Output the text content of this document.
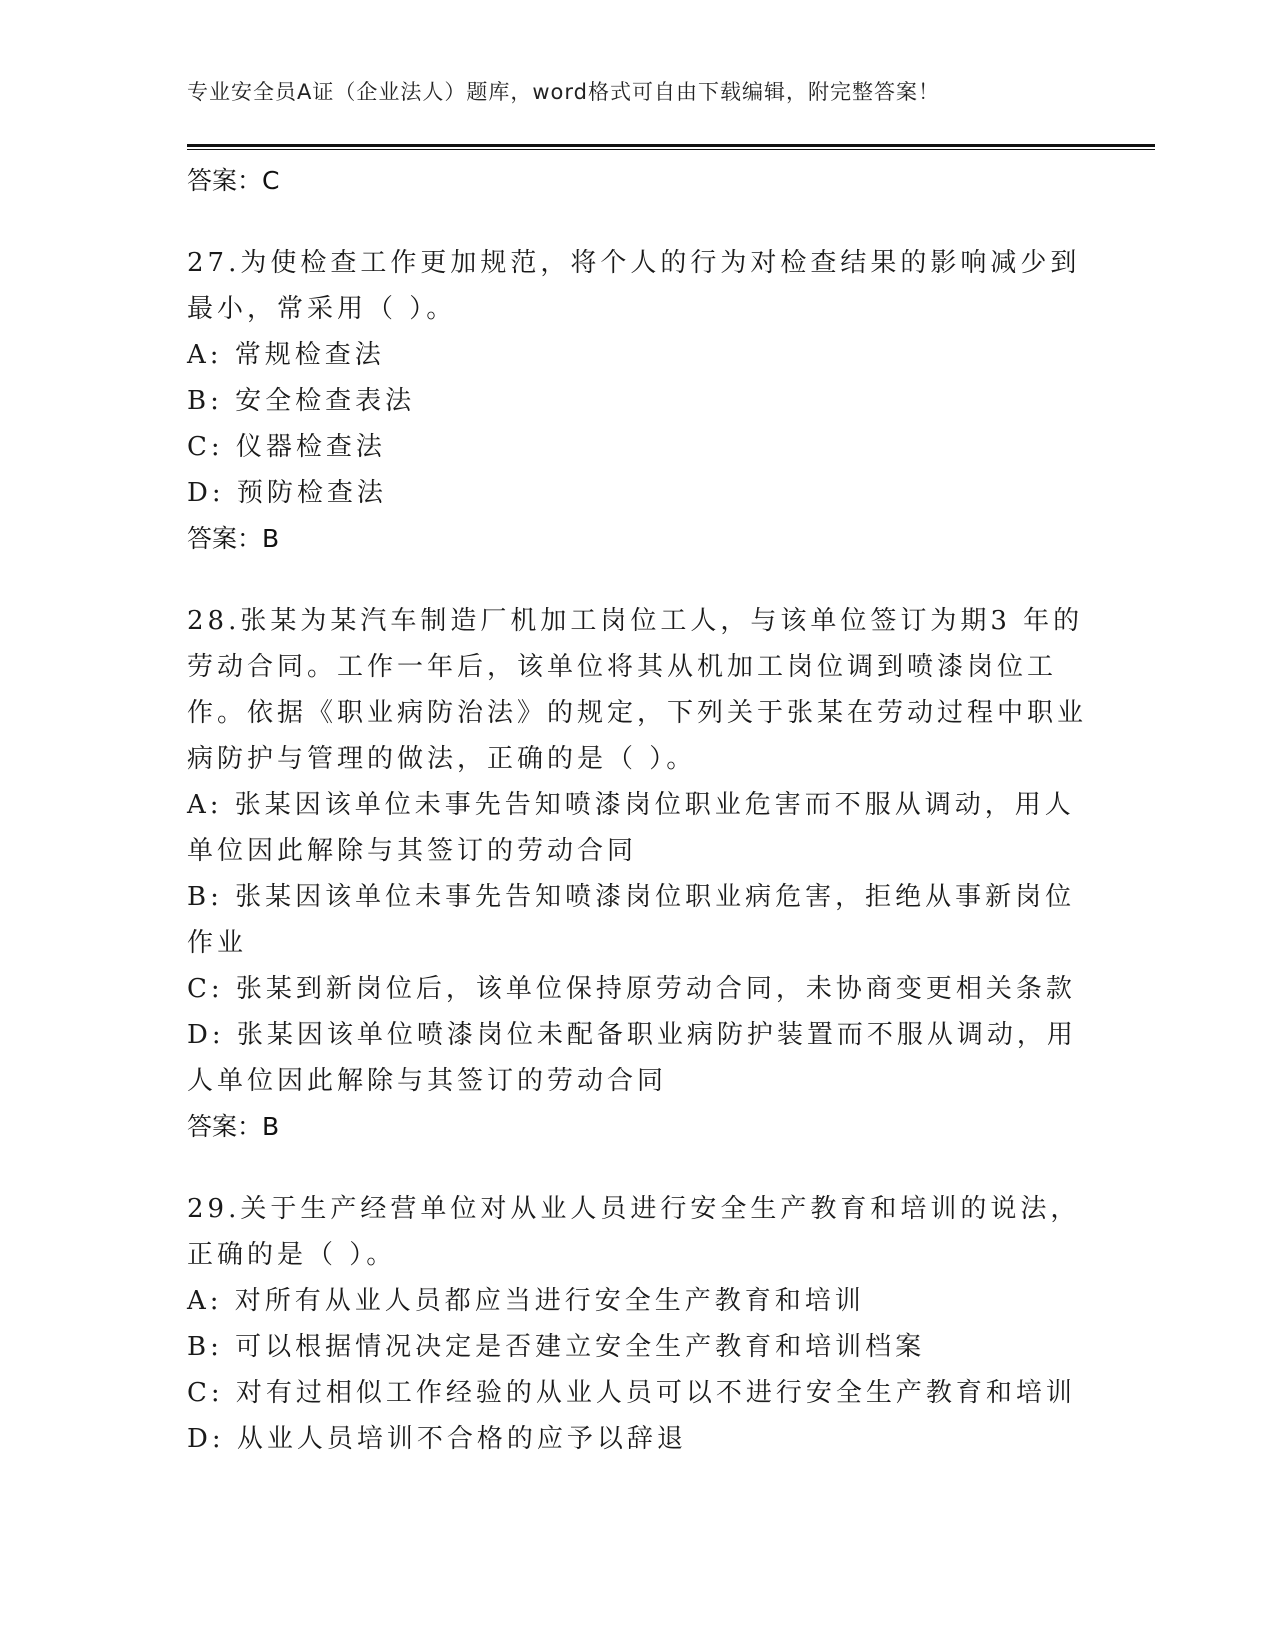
专业安全员A证（企业法人）题库，word格式可自由下载编辑，附完整答案！
答案：C
27.为使检查工作更加规范，将个人的行为对检查结果的影响减少到最小，常采用（ ）。
A: 常规检查法
B: 安全检查表法
C: 仪器检查法
D: 预防检查法
答案：B
28.张某为某汽车制造厂机加工岗位工人，与该单位签订为期3 年的劳动合同。工作一年后，该单位将其从机加工岗位调到喷漆岗位工作。依据《职业病防治法》的规定，下列关于张某在劳动过程中职业病防护与管理的做法，正确的是（ ）。
A: 张某因该单位未事先告知喷漆岗位职业危害而不服从调动，用人单位因此解除与其签订的劳动合同
B: 张某因该单位未事先告知喷漆岗位职业病危害，拒绝从事新岗位作业
C: 张某到新岗位后，该单位保持原劳动合同，未协商变更相关条款
D: 张某因该单位喷漆岗位未配备职业病防护装置而不服从调动，用人单位因此解除与其签订的劳动合同
答案：B
29.关于生产经营单位对从业人员进行安全生产教育和培训的说法，正确的是（ ）。
A: 对所有从业人员都应当进行安全生产教育和培训
B: 可以根据情况决定是否建立安全生产教育和培训档案
C: 对有过相似工作经验的从业人员可以不进行安全生产教育和培训
D: 从业人员培训不合格的应予以辞退
